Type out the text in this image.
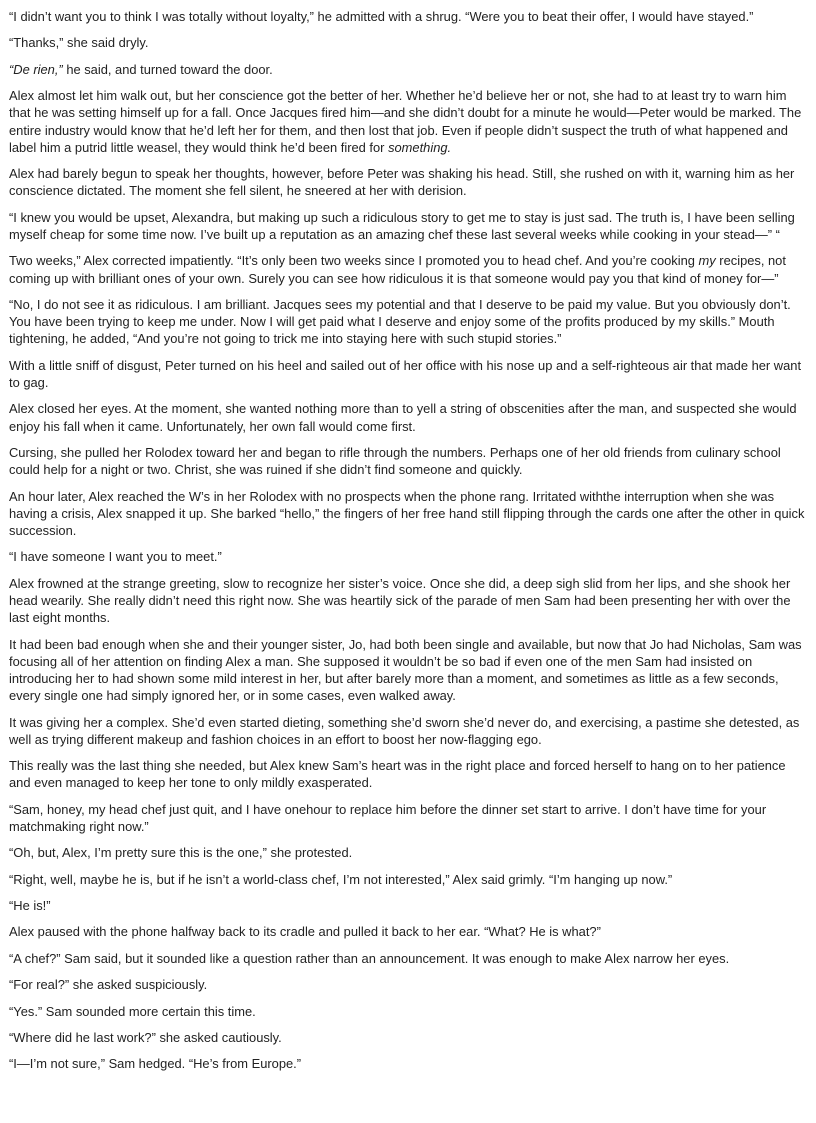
“I didn’t want you to think I was totally without loyalty,” he admitted with a shrug. “Were you to beat their offer, I would have stayed.”

“Thanks,” she said dryly.

“De rien,” he said, and turned toward the door.

Alex almost let him walk out, but her conscience got the better of her. Whether he’d believe her or not, she had to at least try to warn him that he was setting himself up for a fall. Once Jacques fired him—and she didn’t doubt for a minute he would—Peter would be marked. The entire industry would know that he’d left her for them, and then lost that job. Even if people didn’t suspect the truth of what happened and label him a putrid little weasel, they would think he’d been fired for something.

Alex had barely begun to speak her thoughts, however, before Peter was shaking his head. Still, she rushed on with it, warning him as her conscience dictated. The moment she fell silent, he sneered at her with derision.

“I knew you would be upset, Alexandra, but making up such a ridiculous story to get me to stay is just sad. The truth is, I have been selling myself cheap for some time now. I’ve built up a reputation as an amazing chef these last several weeks while cooking in your stead—” “

Two weeks,” Alex corrected impatiently. “It’s only been two weeks since I promoted you to head chef. And you’re cooking my recipes, not coming up with brilliant ones of your own. Surely you can see how ridiculous it is that someone would pay you that kind of money for—”

“No, I do not see it as ridiculous. I am brilliant. Jacques sees my potential and that I deserve to be paid my value. But you obviously don’t. You have been trying to keep me under. Now I will get paid what I deserve and enjoy some of the profits produced by my skills.” Mouth tightening, he added, “And you’re not going to trick me into staying here with such stupid stories.”

With a little sniff of disgust, Peter turned on his heel and sailed out of her office with his nose up and a self-righteous air that made her want to gag.

Alex closed her eyes. At the moment, she wanted nothing more than to yell a string of obscenities after the man, and suspected she would enjoy his fall when it came. Unfortunately, her own fall would come first.

Cursing, she pulled her Rolodex toward her and began to rifle through the numbers. Perhaps one of her old friends from culinary school could help for a night or two. Christ, she was ruined if she didn’t find someone and quickly.

An hour later, Alex reached the W’s in her Rolodex with no prospects when the phone rang. Irritated withthe interruption when she was having a crisis, Alex snapped it up. She barked “hello,” the fingers of her free hand still flipping through the cards one after the other in quick succession.

“I have someone I want you to meet.”

Alex frowned at the strange greeting, slow to recognize her sister’s voice. Once she did, a deep sigh slid from her lips, and she shook her head wearily. She really didn’t need this right now. She was heartily sick of the parade of men Sam had been presenting her with over the last eight months.

It had been bad enough when she and their younger sister, Jo, had both been single and available, but now that Jo had Nicholas, Sam was focusing all of her attention on finding Alex a man. She supposed it wouldn’t be so bad if even one of the men Sam had insisted on introducing her to had shown some mild interest in her, but after barely more than a moment, and sometimes as little as a few seconds, every single one had simply ignored her, or in some cases, even walked away.

It was giving her a complex. She’d even started dieting, something she’d sworn she’d never do, and exercising, a pastime she detested, as well as trying different makeup and fashion choices in an effort to boost her now-flagging ego.

This really was the last thing she needed, but Alex knew Sam’s heart was in the right place and forced herself to hang on to her patience and even managed to keep her tone to only mildly exasperated.

“Sam, honey, my head chef just quit, and I have onehour to replace him before the dinner set start to arrive. I don’t have time for your matchmaking right now.”

“Oh, but, Alex, I’m pretty sure this is the one,” she protested.

“Right, well, maybe he is, but if he isn’t a world-class chef, I’m not interested,” Alex said grimly. “I’m hanging up now.”

“He is!”

Alex paused with the phone halfway back to its cradle and pulled it back to her ear. “What? He is what?”

“A chef?” Sam said, but it sounded like a question rather than an announcement. It was enough to make Alex narrow her eyes.

“For real?” she asked suspiciously.

“Yes.” Sam sounded more certain this time.

“Where did he last work?” she asked cautiously.

“I—I’m not sure,” Sam hedged. “He’s from Europe.”
